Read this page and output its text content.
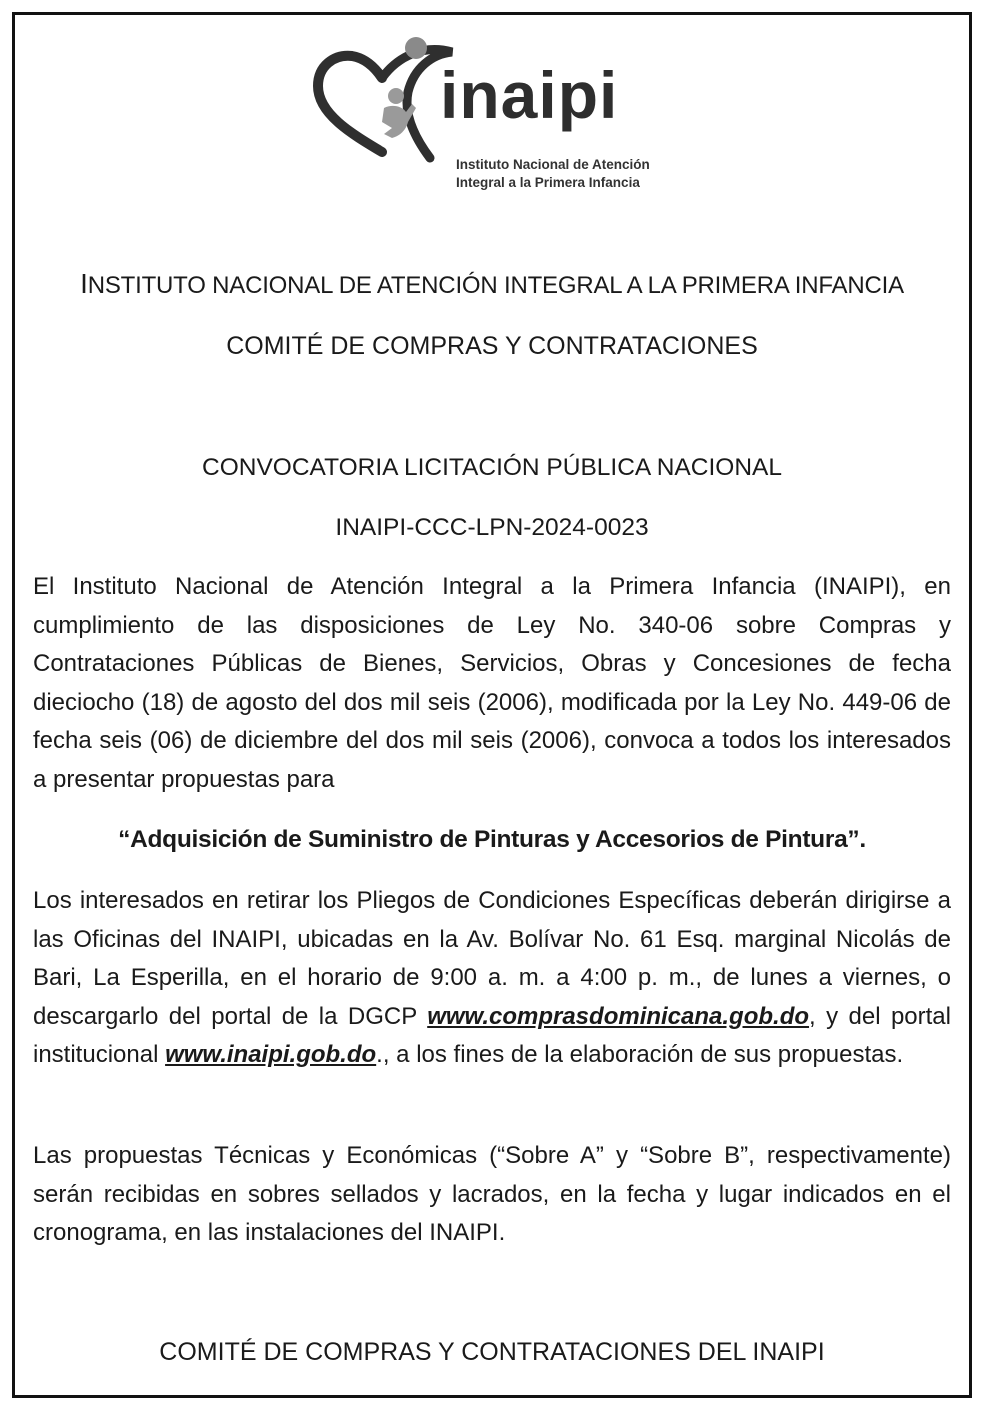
inaipi
Instituto Nacional de Atención
Integral a la Primera Infancia
INSTITUTO NACIONAL DE ATENCIÓN INTEGRAL A LA PRIMERA INFANCIA
COMITÉ DE COMPRAS Y CONTRATACIONES
CONVOCATORIA LICITACIÓN PÚBLICA NACIONAL
INAIPI-CCC-LPN-2024-0023
El Instituto Nacional de Atención Integral a la Primera Infancia (INAIPI), en cumplimiento de las disposiciones de Ley No. 340-06 sobre Compras y Contrataciones Públicas de Bienes, Servicios, Obras y Concesiones de fecha dieciocho (18) de agosto del dos mil seis (2006), modificada por la Ley No. 449-06 de fecha seis (06) de diciembre del dos mil seis (2006), convoca a todos los interesados a presentar propuestas para
“Adquisición de Suministro de Pinturas y Accesorios de Pintura”.
Los interesados en retirar los Pliegos de Condiciones Específicas deberán dirigirse a las Oficinas del INAIPI, ubicadas en la Av. Bolívar No. 61 Esq. marginal Nicolás de Bari, La Esperilla, en el horario de 9:00 a. m. a 4:00 p. m., de lunes a viernes, o descargarlo del portal de la DGCP www.comprasdominicana.gob.do, y del portal institucional www.inaipi.gob.do., a los fines de la elaboración de sus propuestas.
Las propuestas Técnicas y Económicas (“Sobre A” y “Sobre B”, respectivamente) serán recibidas en sobres sellados y lacrados, en la fecha y lugar indicados en el cronograma, en las instalaciones del INAIPI.
COMITÉ DE COMPRAS Y CONTRATACIONES DEL INAIPI
